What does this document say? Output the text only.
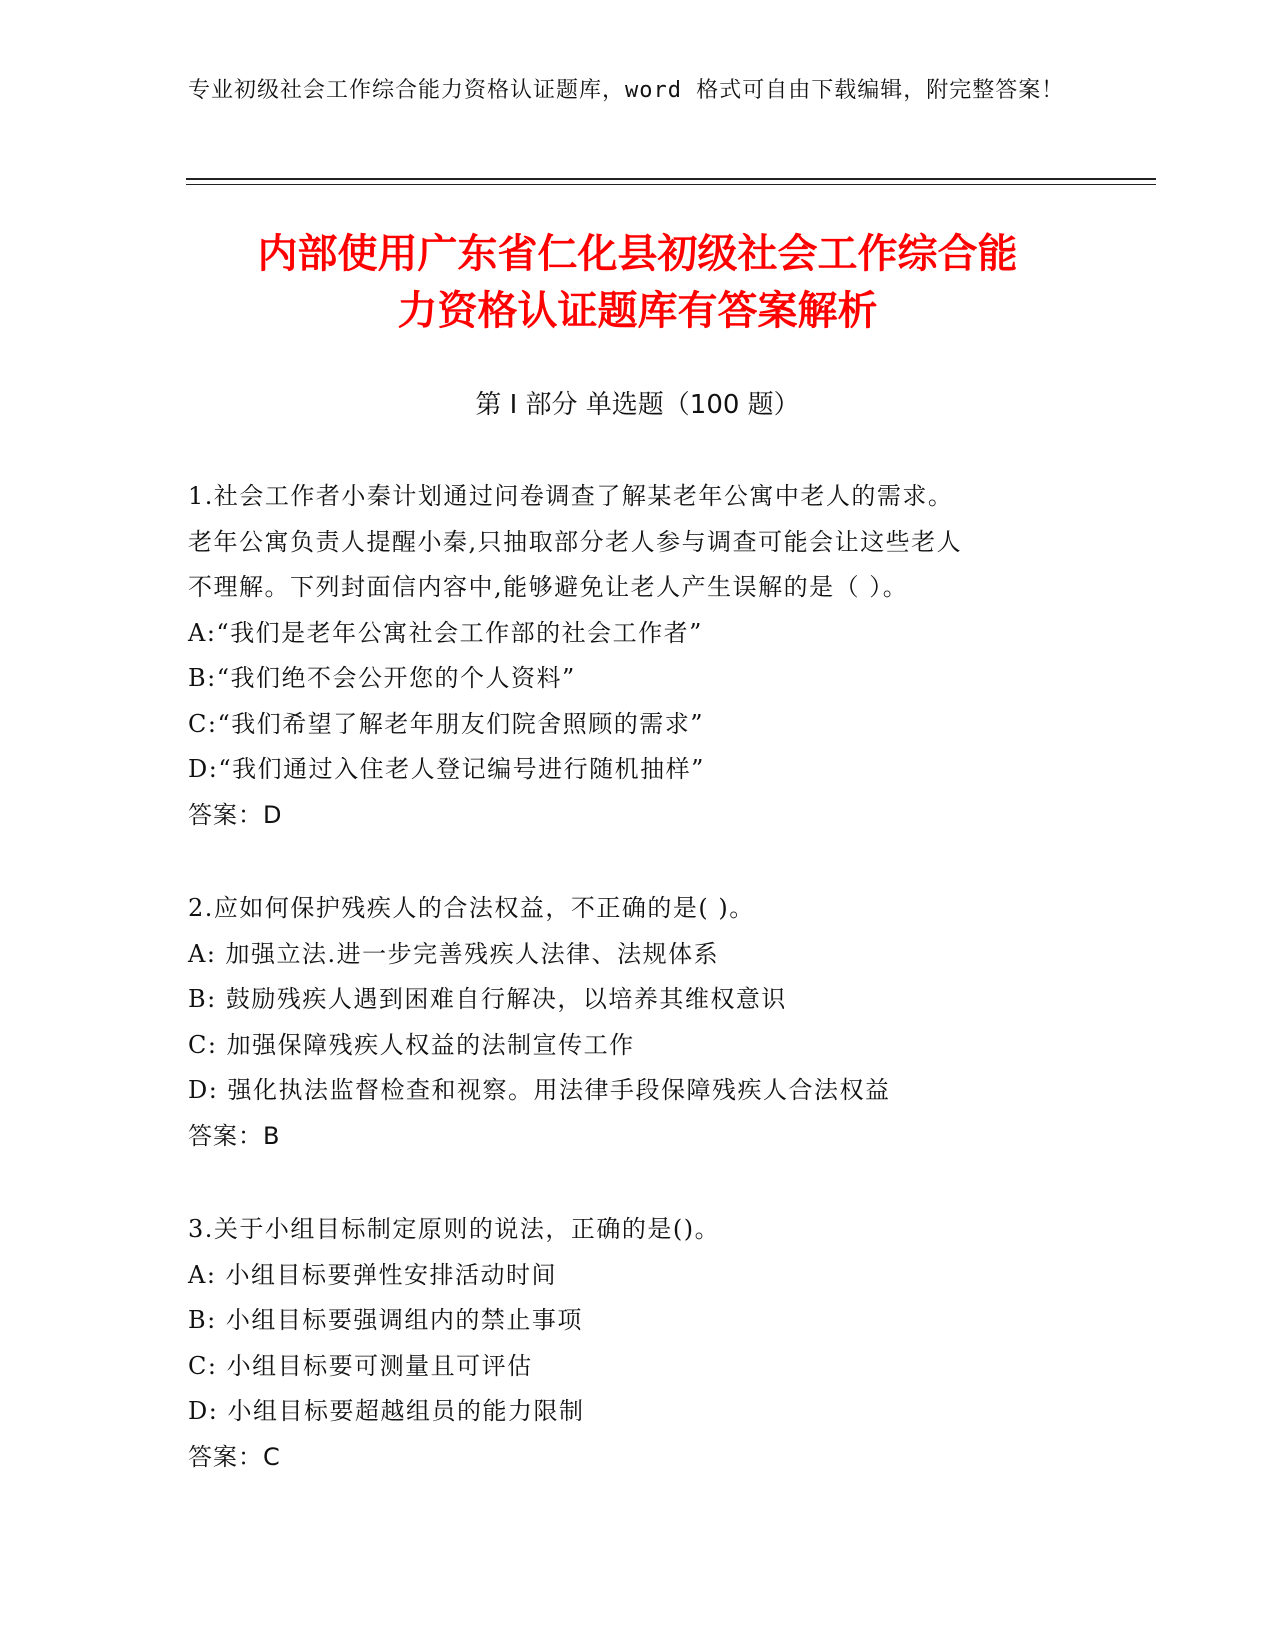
专业初级社会工作综合能力资格认证题库，word 格式可自由下载编辑，附完整答案！
内部使用广东省仁化县初级社会工作综合能
力资格认证题库有答案解析
第 I 部分 单选题（100 题）
1.社会工作者小秦计划通过问卷调查了解某老年公寓中老人的需求。
老年公寓负责人提醒小秦,只抽取部分老人参与调查可能会让这些老人
不理解。下列封面信内容中,能够避免让老人产生误解的是（ ）。
A:“我们是老年公寓社会工作部的社会工作者”
B:“我们绝不会公开您的个人资料”
C:“我们希望了解老年朋友们院舍照顾的需求”
D:“我们通过入住老人登记编号进行随机抽样”
答案：D
2.应如何保护残疾人的合法权益，不正确的是( )。
A: 加强立法.进一步完善残疾人法律、法规体系
B: 鼓励残疾人遇到困难自行解决，以培养其维权意识
C: 加强保障残疾人权益的法制宣传工作
D: 强化执法监督检查和视察。用法律手段保障残疾人合法权益
答案：B
3.关于小组目标制定原则的说法，正确的是()。
A: 小组目标要弹性安排活动时间
B: 小组目标要强调组内的禁止事项
C: 小组目标要可测量且可评估
D: 小组目标要超越组员的能力限制
答案：C
